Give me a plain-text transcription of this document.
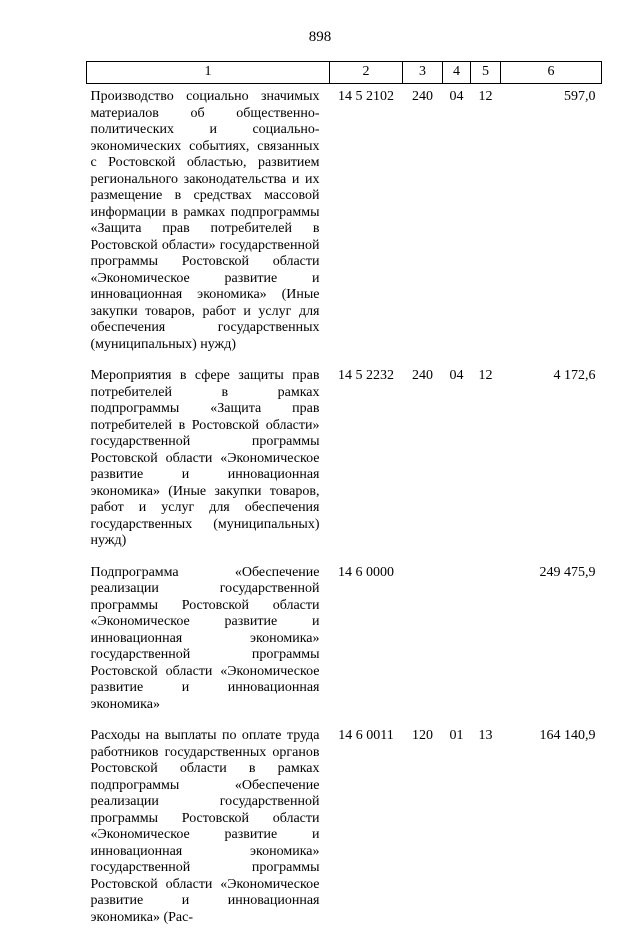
898
1	2	3	4	5	6
Производство социально значимых материалов об общественно-политических и социально-экономических событиях, связанных с Ростовской областью, развитием регионального законодательства и их размещение в средствах массовой информации в рамках подпрограммы «Защита прав потребителей в Ростовской области» государственной программы Ростовской области «Экономическое развитие и инновационная экономика» (Иные закупки товаров, работ и услуг для обеспечения государственных (муниципальных) нужд)	14 5 2102	240	04	12	597,0
Мероприятия в сфере защиты прав потребителей в рамках подпрограммы «Защита прав потребителей в Ростовской области» государственной программы Ростовской области «Экономическое развитие и инновационная экономика» (Иные закупки товаров, работ и услуг для обеспечения государственных (муниципальных) нужд)	14 5 2232	240	04	12	4 172,6
Подпрограмма «Обеспечение реализации государственной программы Ростовской области «Экономическое развитие и инновационная экономика» государственной программы Ростовской области «Экономическое развитие и инновационная экономика»	14 6 0000				249 475,9
Расходы на выплаты по оплате труда работников государственных органов Ростовской области в рамках подпрограммы «Обеспечение реализации государственной программы Ростовской области «Экономическое развитие и инновационная экономика» государственной программы Ростовской области «Экономическое развитие и инновационная экономика» (Рас-	14 6 0011	120	01	13	164 140,9
